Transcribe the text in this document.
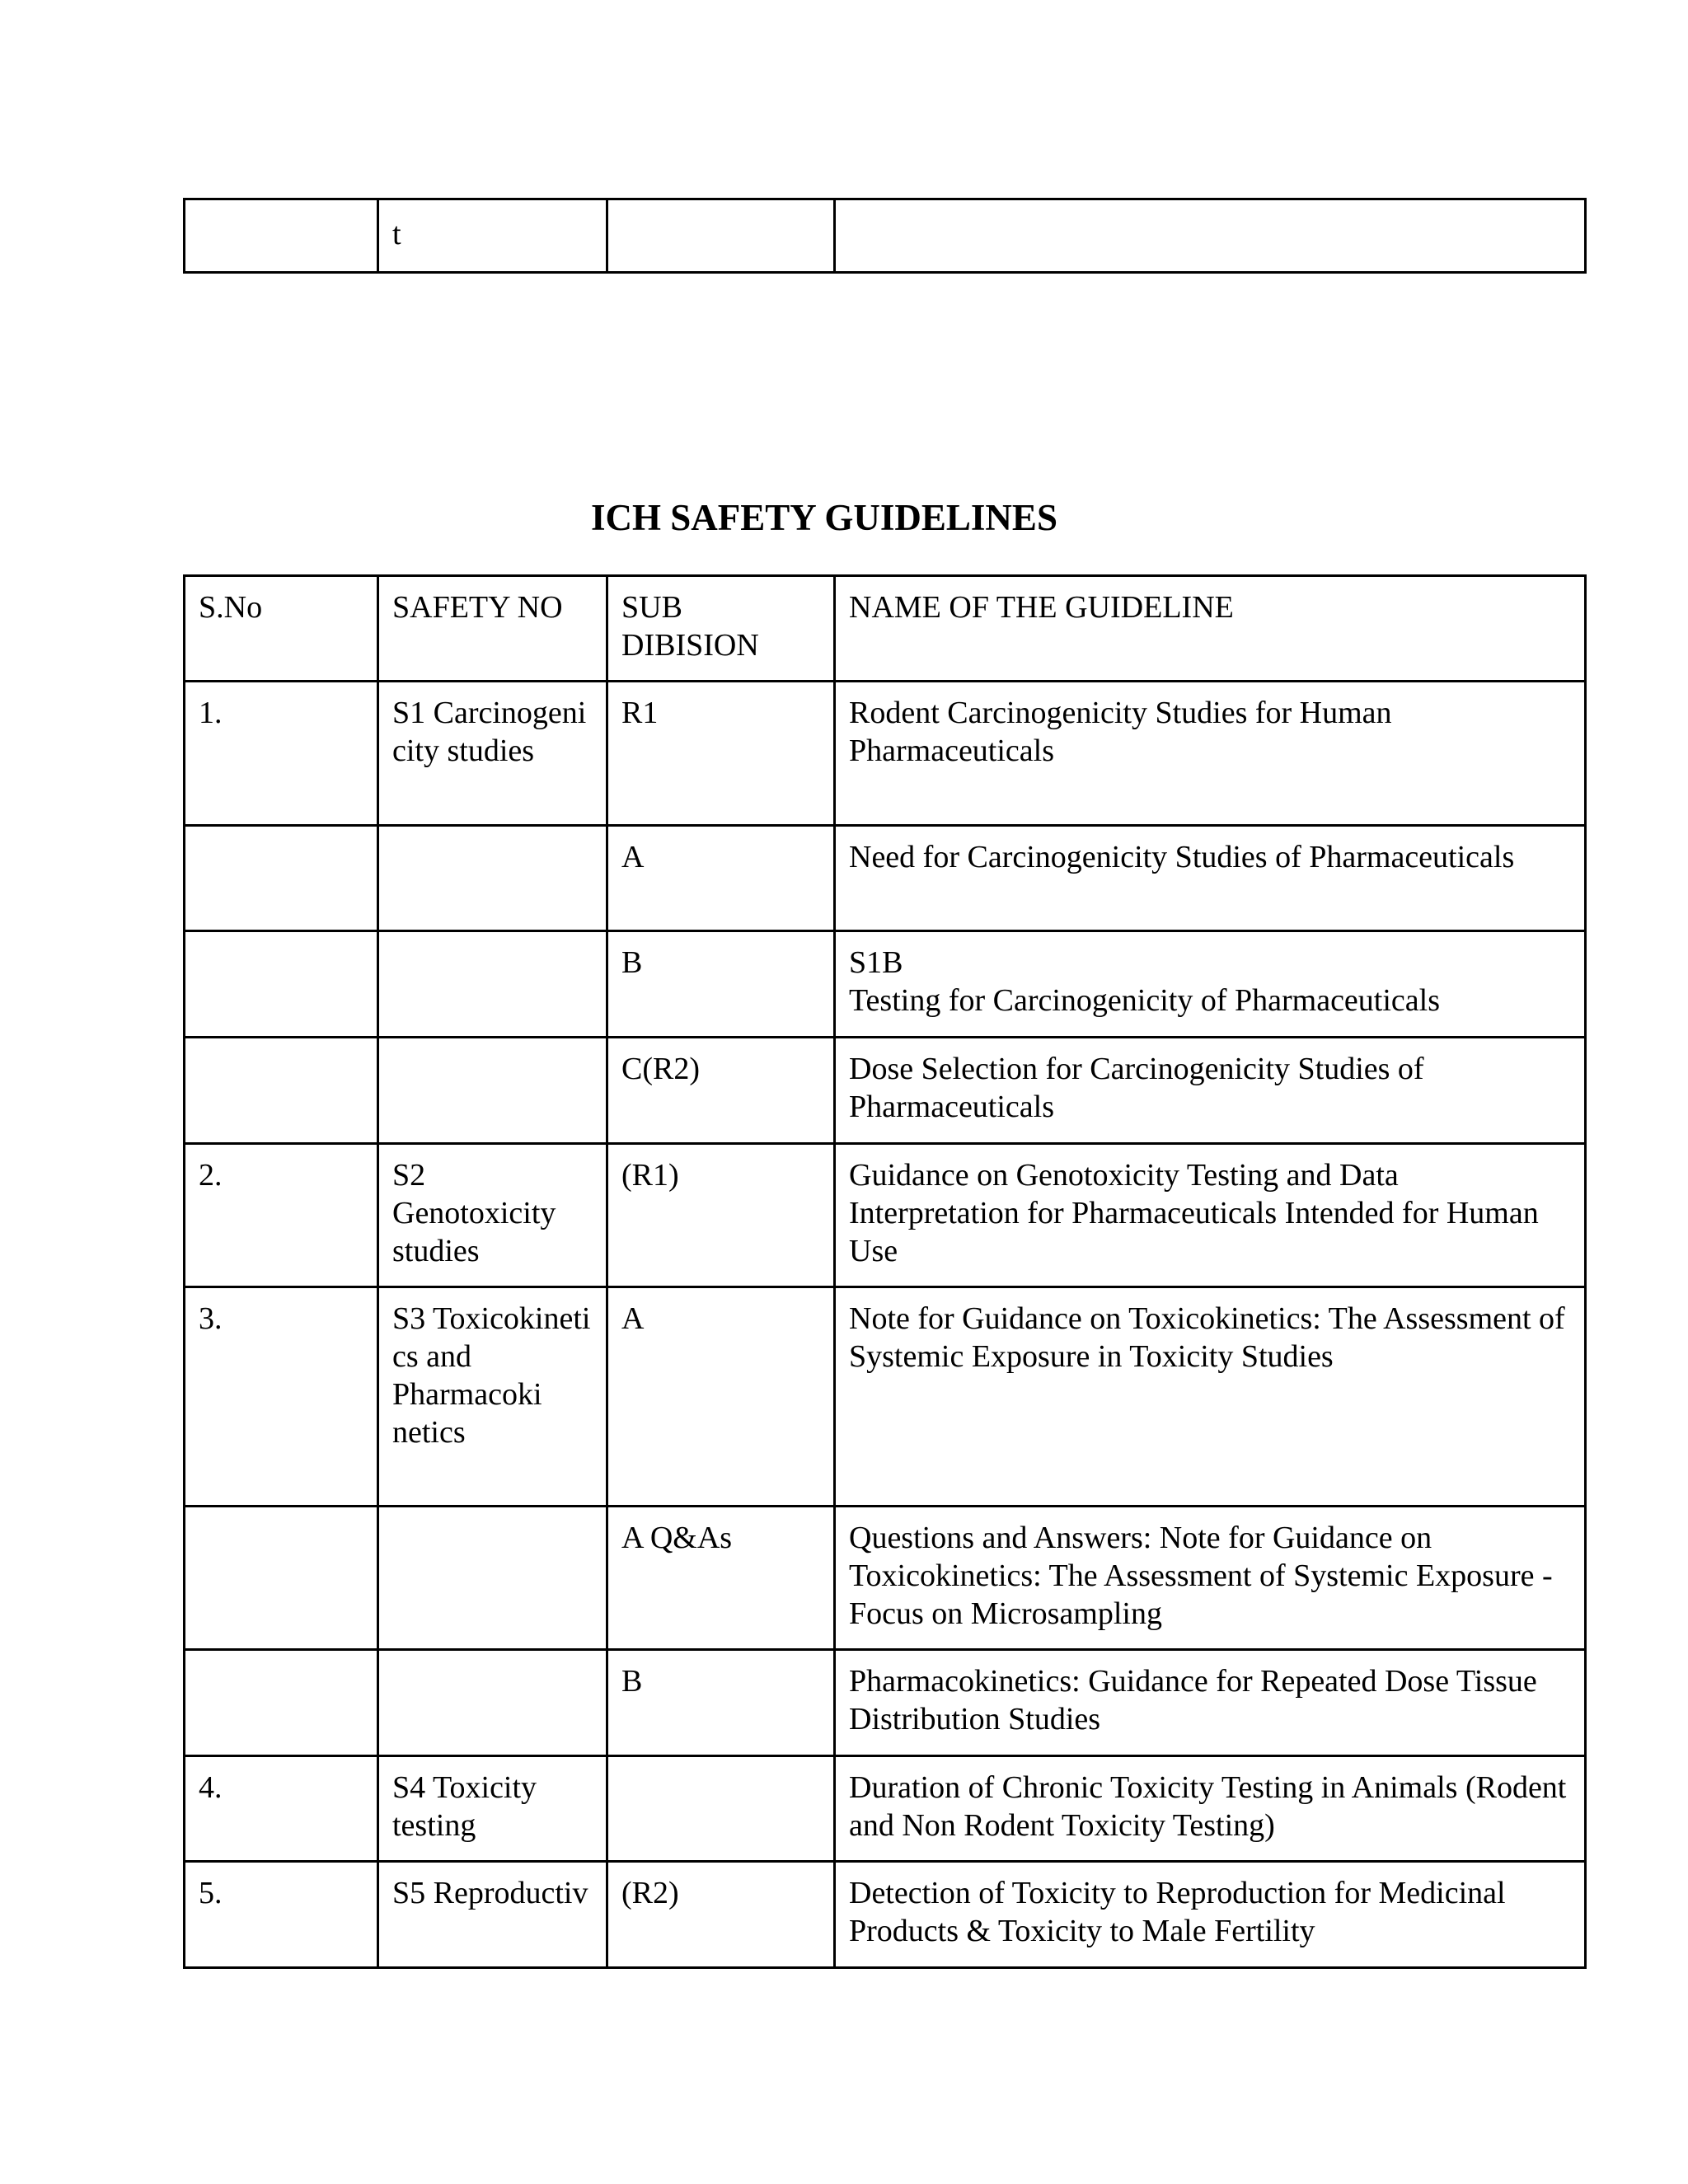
	t		
ICH SAFETY GUIDELINES
S.No	SAFETY NO	SUB DIBISION	NAME OF THE GUIDELINE
1.	S1 Carcinogeni city studies	R1	Rodent Carcinogenicity Studies for Human Pharmaceuticals
		A	Need for Carcinogenicity Studies of Pharmaceuticals
		B	S1B
Testing for Carcinogenicity of Pharmaceuticals
		C(R2)	Dose Selection for Carcinogenicity Studies of Pharmaceuticals
2.	S2 Genotoxicity studies	(R1)	Guidance on Genotoxicity Testing and Data Interpretation for Pharmaceuticals Intended for Human Use
3.	S3 Toxicokineti cs and Pharmacoki netics	A	Note for Guidance on Toxicokinetics: The Assessment of Systemic Exposure in Toxicity Studies
		A Q&As	Questions and Answers: Note for Guidance on Toxicokinetics: The Assessment of Systemic Exposure - Focus on Microsampling
		B	Pharmacokinetics: Guidance for Repeated Dose Tissue Distribution Studies
4.	S4 Toxicity testing		Duration of Chronic Toxicity Testing in Animals (Rodent and Non Rodent Toxicity Testing)
5.	S5 Reproductiv	(R2)	Detection of Toxicity to Reproduction for Medicinal Products & Toxicity to Male Fertility
